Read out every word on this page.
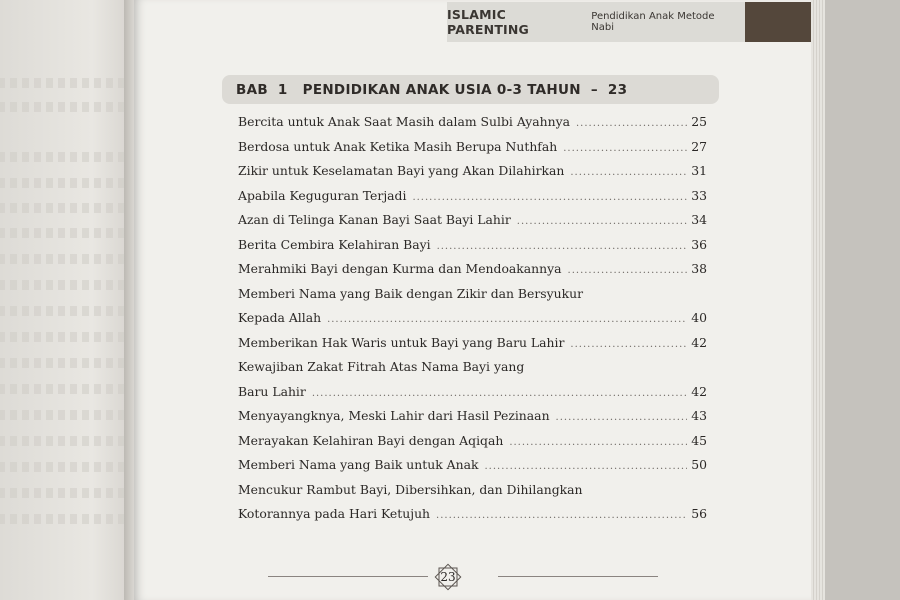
ISLAMIC PARENTING
Pendidikan Anak Metode Nabi
BAB  1   PENDIDIKAN ANAK USIA 0-3 TAHUN  –  23
Bercita untuk Anak Saat Masih dalam Sulbi Ayahnya .....	25
Berdosa untuk Anak Ketika Masih Berupa Nuthfah .....	27
Zikir untuk Keselamatan Bayi yang Akan Dilahirkan .....	31
Apabila Keguguran Terjadi .....	33
Azan di Telinga Kanan Bayi Saat Bayi Lahir .....	34
Berita Cembira Kelahiran Bayi .....	36
Merahmiki Bayi dengan Kurma dan Mendoakannya .....	38
Memberi Nama yang Baik dengan Zikir dan Bersyukur
Kepada Allah .....	40
Memberikan Hak Waris untuk Bayi yang Baru Lahir .....	42
Kewajiban Zakat Fitrah Atas Nama Bayi yang
Baru Lahir .....	42
Menyayangknya, Meski Lahir dari Hasil Pezinaan .....	43
Merayakan Kelahiran Bayi dengan Aqiqah .....	45
Memberi Nama yang Baik untuk Anak .....	50
Mencukur Rambut Bayi, Dibersihkan, dan Dihilangkan
Kotorannya pada Hari Ketujuh .....	56
23
